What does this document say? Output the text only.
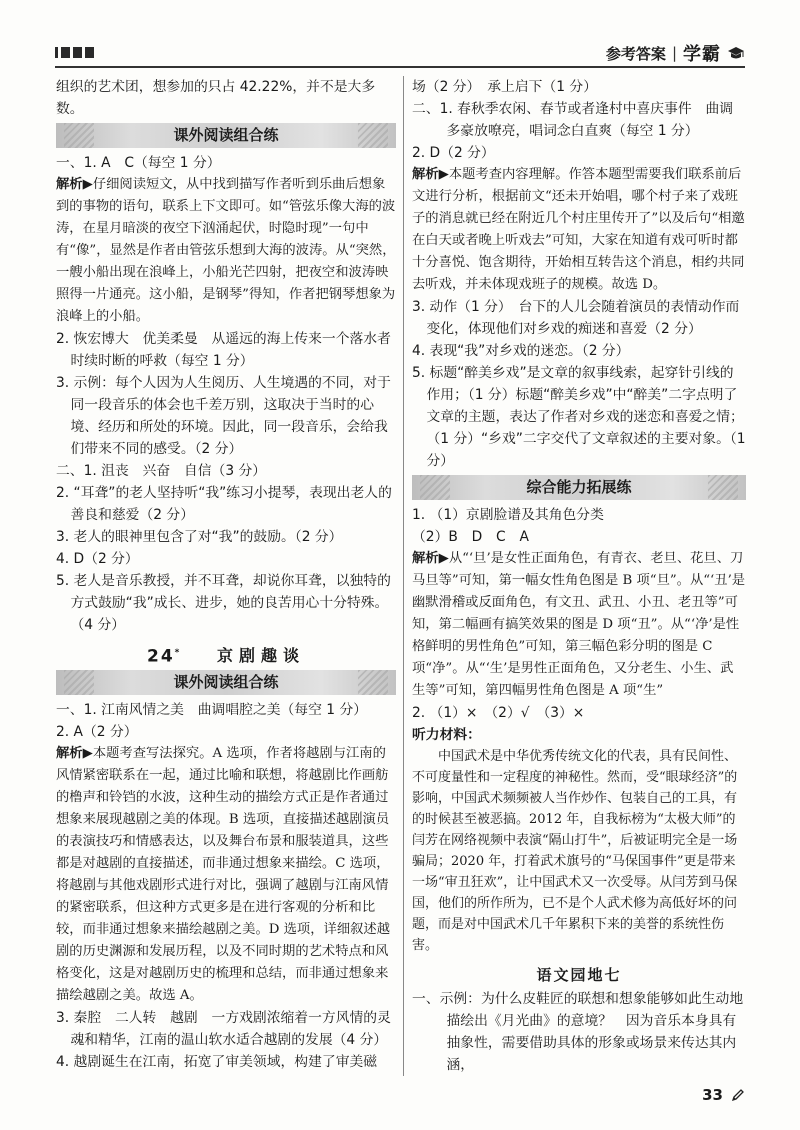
参考答案 | 学霸

组织的艺术团，想参加的只占 42.22%，并不是大多数。

课外阅读组合练

一、1. A　C（每空 1 分）

解析▶仔细阅读短文，从中找到描写作者听到乐曲后想象到的事物的语句，联系上下文即可。如“管弦乐像大海的波涛，在星月暗淡的夜空下汹涌起伏，时隐时现”一句中有“像”，显然是作者由管弦乐想到大海的波涛。从“突然，一艘小船出现在浪峰上，小船光芒四射，把夜空和波涛映照得一片通亮。这小船，是钢琴”得知，作者把钢琴想象为浪峰上的小船。

2. 恢宏博大　优美柔曼　从遥远的海上传来一个落水者时续时断的呼救（每空 1 分）

3. 示例：每个人因为人生阅历、人生境遇的不同，对于同一段音乐的体会也千差万别，这取决于当时的心境、经历和所处的环境。因此，同一段音乐，会给我们带来不同的感受。（2 分）

二、1. 沮丧　兴奋　自信（3 分）

2. “耳聋”的老人坚持听“我”练习小提琴，表现出老人的善良和慈爱（2 分）

3. 老人的眼神里包含了对“我”的鼓励。（2 分）

4. D（2 分）

5. 老人是音乐教授，并不耳聋，却说你耳聋，以独特的方式鼓励“我”成长、进步，她的良苦用心十分特殊。（4 分）

24* 京剧趣谈
课外阅读组合练

一、1. 江南风情之美　曲调唱腔之美（每空 1 分）

2. A（2 分）

解析▶本题考查写法探究。A 选项，作者将越剧与江南的风情紧密联系在一起，通过比喻和联想，将越剧比作画舫的橹声和铃铛的水波，这种生动的描绘方式正是作者通过想象来展现越剧之美的体现。B 选项，直接描述越剧演员的表演技巧和情感表达，以及舞台布景和服装道具，这些都是对越剧的直接描述，而非通过想象来描绘。C 选项，将越剧与其他戏剧形式进行对比，强调了越剧与江南风情的紧密联系，但这种方式更多是在进行客观的分析和比较，而非通过想象来描绘越剧之美。D 选项，详细叙述越剧的历史渊源和发展历程，以及不同时期的艺术特点和风格变化，这是对越剧历史的梳理和总结，而非通过想象来描绘越剧之美。故选 A。

3. 秦腔　二人转　越剧　一方戏剧浓缩着一方风情的灵魂和精华，江南的温山软水适合越剧的发展（4 分）

4. 越剧诞生在江南，拓宽了审美领域，构建了审美磁

场（2 分）　承上启下（1 分）

二、1. 春秋季农闲、春节或者逢村中喜庆事件　曲调多豪放嘹亮，唱词念白直爽（每空 1 分）

2. D（2 分）

解析▶本题考查内容理解。作答本题型需要我们联系前后文进行分析，根据前文“还未开始唱，哪个村子来了戏班子的消息就已经在附近几个村庄里传开了”以及后句“相邀在白天或者晚上听戏去”可知，大家在知道有戏可听时都十分喜悦、饱含期待，开始相互转告这个消息，相约共同去听戏，并未体现戏班子的规模。故选 D。

3. 动作（1 分）　台下的人儿会随着演员的表情动作而变化，体现他们对乡戏的痴迷和喜爱（2 分）

4. 表现“我”对乡戏的迷恋。（2 分）

5. 标题“醉美乡戏”是文章的叙事线索，起穿针引线的作用；（1 分）标题“醉美乡戏”中“醉美”二字点明了文章的主题，表达了作者对乡戏的迷恋和喜爱之情；（1 分）“乡戏”二字交代了文章叙述的主要对象。（1 分）

综合能力拓展练

1. （1）京剧脸谱及其角色分类

（2）B　D　C　A

解析▶从“‘旦’是女性正面角色，有青衣、老旦、花旦、刀马旦等”可知，第一幅女性角色图是 B 项“旦”。从“‘丑’是幽默滑稽或反面角色，有文丑、武丑、小丑、老丑等”可知，第二幅画有搞笑效果的图是 D 项“丑”。从“‘净’是性格鲜明的男性角色”可知，第三幅色彩分明的图是 C 项“净”。从“‘生’是男性正面角色，又分老生、小生、武生等”可知，第四幅男性角色图是 A 项“生”

2. （1）×　（2）√　（3）×

听力材料：

中国武术是中华优秀传统文化的代表，具有民间性、不可度量性和一定程度的神秘性。然而，受“眼球经济”的影响，中国武术频频被人当作炒作、包装自己的工具，有的时候甚至被恶搞。2012 年，自我标榜为“太极大师”的闫芳在网络视频中表演“隔山打牛”，后被证明完全是一场骗局；2020 年，打着武术旗号的“马保国事件”更是带来一场“审丑狂欢”，让中国武术又一次受辱。从闫芳到马保国，他们的所作所为，已不是个人武术修为高低好坏的问题，而是对中国武术几千年累积下来的美誉的系统性伤害。

语文园地七

一、示例：为什么皮鞋匠的联想和想象能够如此生动地描绘出《月光曲》的意境？　因为音乐本身具有抽象性，需要借助具体的形象或场景来传达其内涵，

33
